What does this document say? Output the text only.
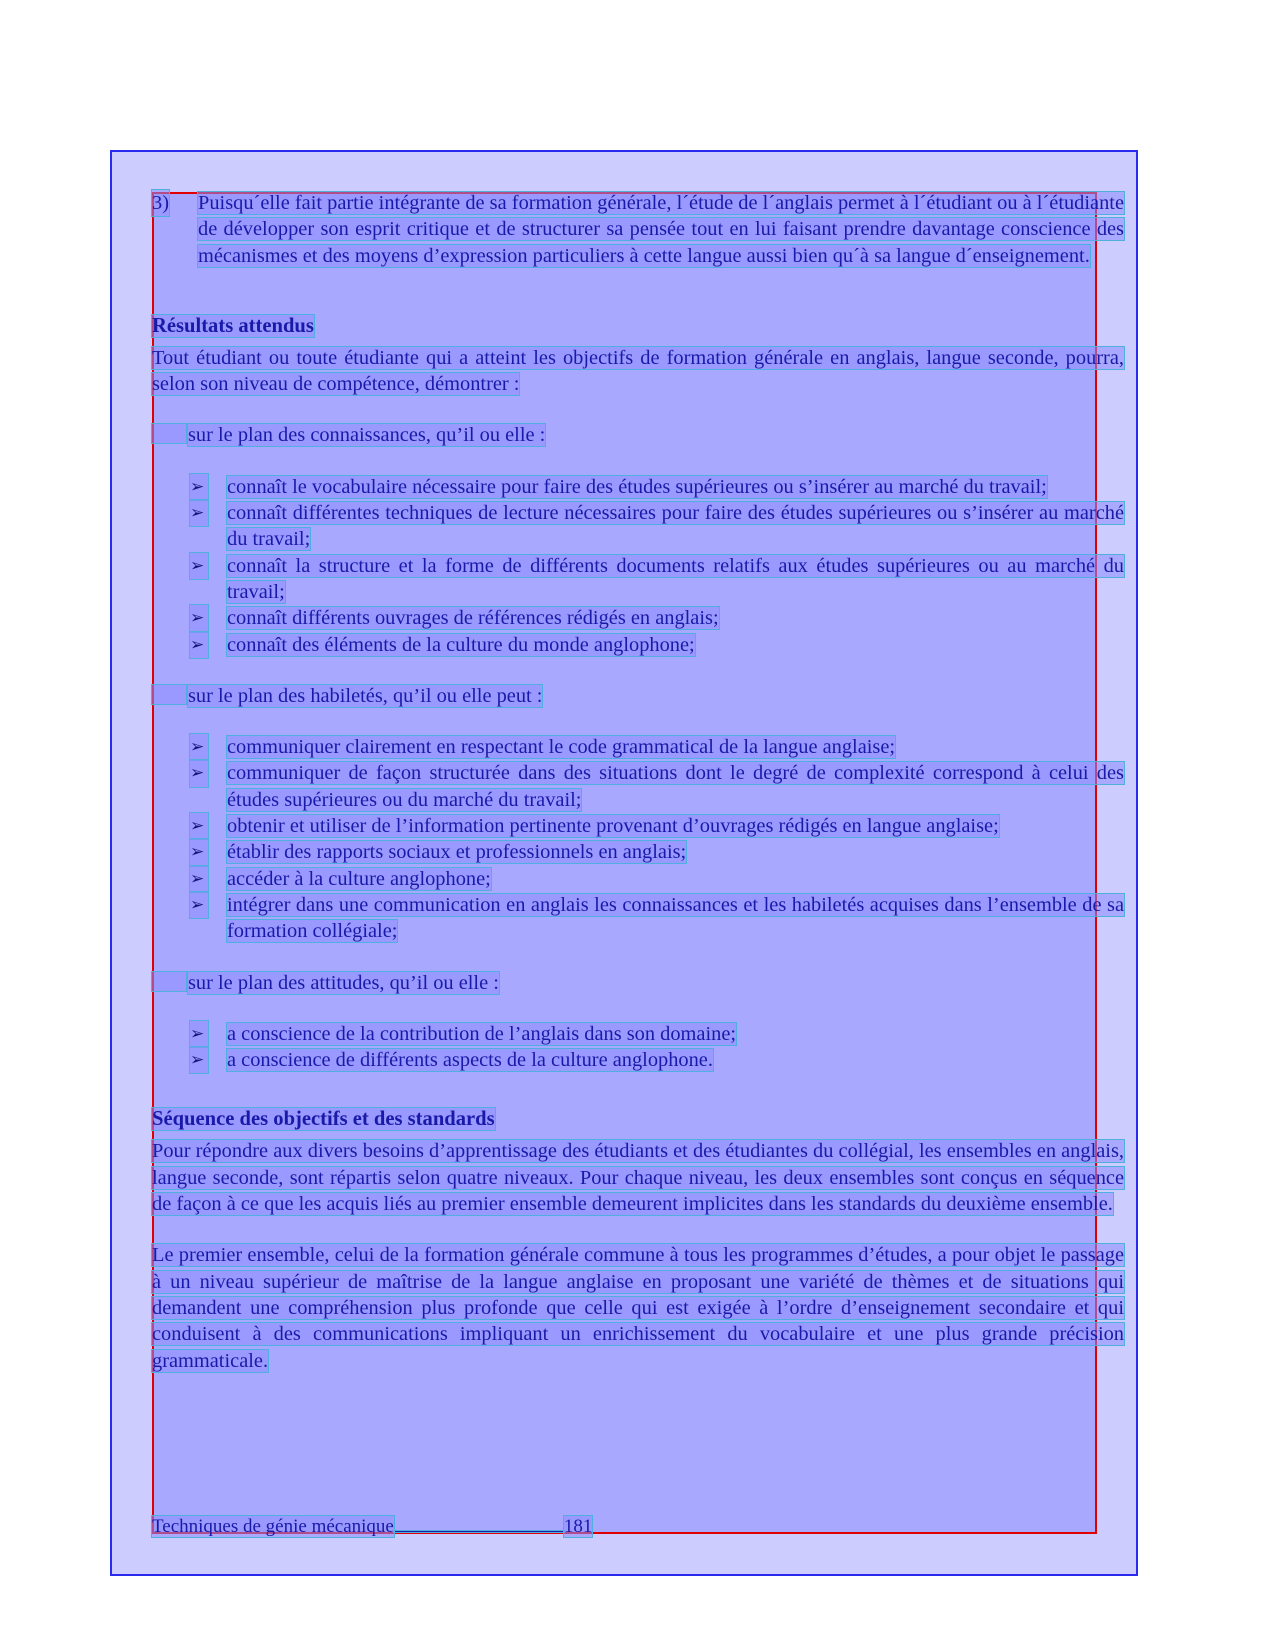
3) Puisqu´elle fait partie intégrante de sa formation générale, l´étude de l´anglais permet à l´étudiant ou à l´étudiante de développer son esprit critique et de structurer sa pensée tout en lui faisant prendre davantage conscience des mécanismes et des moyens d’expression particuliers à cette langue aussi bien qu´à sa langue d´enseignement.
Résultats attendus

Tout étudiant ou toute étudiante qui a atteint les objectifs de formation générale en anglais, langue seconde, pourra, selon son niveau de compétence, démontrer :

sur le plan des connaissances, qu’il ou elle :
➢ connaît le vocabulaire nécessaire pour faire des études supérieures ou s’insérer au marché du travail;
➢ connaît différentes techniques de lecture nécessaires pour faire des études supérieures ou s’insérer au marché du travail;
➢ connaît la structure et la forme de différents documents relatifs aux études supérieures ou au marché du travail;
➢ connaît différents ouvrages de références rédigés en anglais;
➢ connaît des éléments de la culture du monde anglophone;
sur le plan des habiletés, qu’il ou elle peut :
➢ communiquer clairement en respectant le code grammatical de la langue anglaise;
➢ communiquer de façon structurée dans des situations dont le degré de complexité correspond à celui des études supérieures ou du marché du travail;
➢ obtenir et utiliser de l’information pertinente provenant d’ouvrages rédigés en langue anglaise;
➢ établir des rapports sociaux et professionnels en anglais;
➢ accéder à la culture anglophone;
➢ intégrer dans une communication en anglais les connaissances et les habiletés acquises dans l’ensemble de sa formation collégiale;
sur le plan des attitudes, qu’il ou elle :
➢ a conscience de la contribution de l’anglais dans son domaine;
➢ a conscience de différents aspects de la culture anglophone.
Séquence des objectifs et des standards

Pour répondre aux divers besoins d’apprentissage des étudiants et des étudiantes du collégial, les ensembles en anglais, langue seconde, sont répartis selon quatre niveaux. Pour chaque niveau, les deux ensembles sont conçus en séquence de façon à ce que les acquis liés au premier ensemble demeurent implicites dans les standards du deuxième ensemble.

Le premier ensemble, celui de la formation générale commune à tous les programmes d’études, a pour objet le passage à un niveau supérieur de maîtrise de la langue anglaise en proposant une variété de thèmes et de situations qui demandent une compréhension plus profonde que celle qui est exigée à l’ordre d’enseignement secondaire et qui conduisent à des communications impliquant un enrichissement du vocabulaire et une plus grande précision grammaticale.

Techniques de génie mécanique	181
